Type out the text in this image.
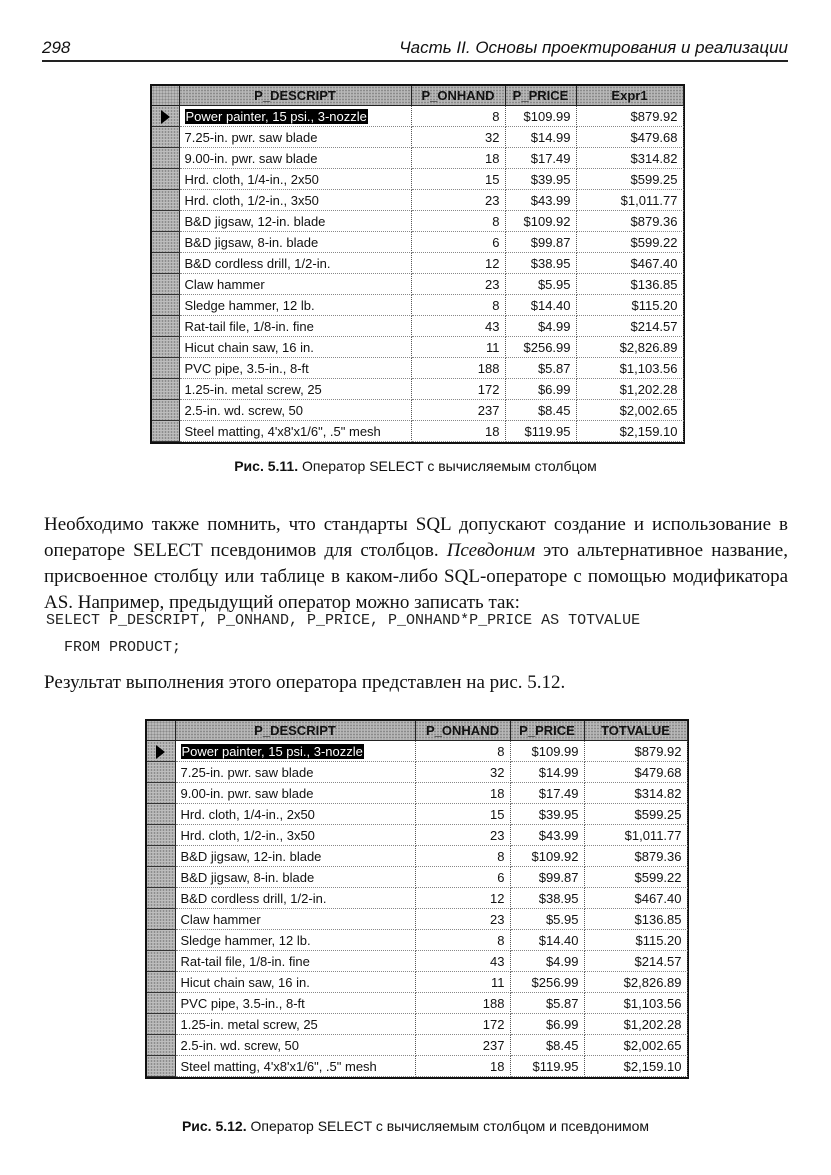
298	Часть II. Основы проектирования и реализации
	P_DESCRIPT	P_ONHAND	P_PRICE	Expr1
	Power painter, 15 psi., 3-nozzle	8	$109.99	$879.92
	7.25-in. pwr. saw blade	32	$14.99	$479.68
	9.00-in. pwr. saw blade	18	$17.49	$314.82
	Hrd. cloth, 1/4-in., 2x50	15	$39.95	$599.25
	Hrd. cloth, 1/2-in., 3x50	23	$43.99	$1,011.77
	B&D jigsaw, 12-in. blade	8	$109.92	$879.36
	B&D jigsaw, 8-in. blade	6	$99.87	$599.22
	B&D cordless drill, 1/2-in.	12	$38.95	$467.40
	Claw hammer	23	$5.95	$136.85
	Sledge hammer, 12 lb.	8	$14.40	$115.20
	Rat-tail file, 1/8-in. fine	43	$4.99	$214.57
	Hicut chain saw, 16 in.	11	$256.99	$2,826.89
	PVC pipe, 3.5-in., 8-ft	188	$5.87	$1,103.56
	1.25-in. metal screw, 25	172	$6.99	$1,202.28
	2.5-in. wd. screw, 50	237	$8.45	$2,002.65
	Steel matting, 4'x8'x1/6", .5" mesh	18	$119.95	$2,159.10
Рис. 5.11. Оператор SELECT с вычисляемым столбцом
Необходимо также помнить, что стандарты SQL допускают создание и использование в операторе SELECT псевдонимов для столбцов. Псевдоним это альтернативное название, присвоенное столбцу или таблице в каком-либо SQL-операторе с помощью модификатора AS. Например, предыдущий оператор можно записать так:
SELECT P_DESCRIPT, P_ONHAND, P_PRICE, P_ONHAND*P_PRICE AS TOTVALUE
FROM PRODUCT;
Результат выполнения этого оператора представлен на рис. 5.12.
	P_DESCRIPT	P_ONHAND	P_PRICE	TOTVALUE
	Power painter, 15 psi., 3-nozzle	8	$109.99	$879.92
	7.25-in. pwr. saw blade	32	$14.99	$479.68
	9.00-in. pwr. saw blade	18	$17.49	$314.82
	Hrd. cloth, 1/4-in., 2x50	15	$39.95	$599.25
	Hrd. cloth, 1/2-in., 3x50	23	$43.99	$1,011.77
	B&D jigsaw, 12-in. blade	8	$109.92	$879.36
	B&D jigsaw, 8-in. blade	6	$99.87	$599.22
	B&D cordless drill, 1/2-in.	12	$38.95	$467.40
	Claw hammer	23	$5.95	$136.85
	Sledge hammer, 12 lb.	8	$14.40	$115.20
	Rat-tail file, 1/8-in. fine	43	$4.99	$214.57
	Hicut chain saw, 16 in.	11	$256.99	$2,826.89
	PVC pipe, 3.5-in., 8-ft	188	$5.87	$1,103.56
	1.25-in. metal screw, 25	172	$6.99	$1,202.28
	2.5-in. wd. screw, 50	237	$8.45	$2,002.65
	Steel matting, 4'x8'x1/6", .5" mesh	18	$119.95	$2,159.10
Рис. 5.12. Оператор SELECT с вычисляемым столбцом и псевдонимом
